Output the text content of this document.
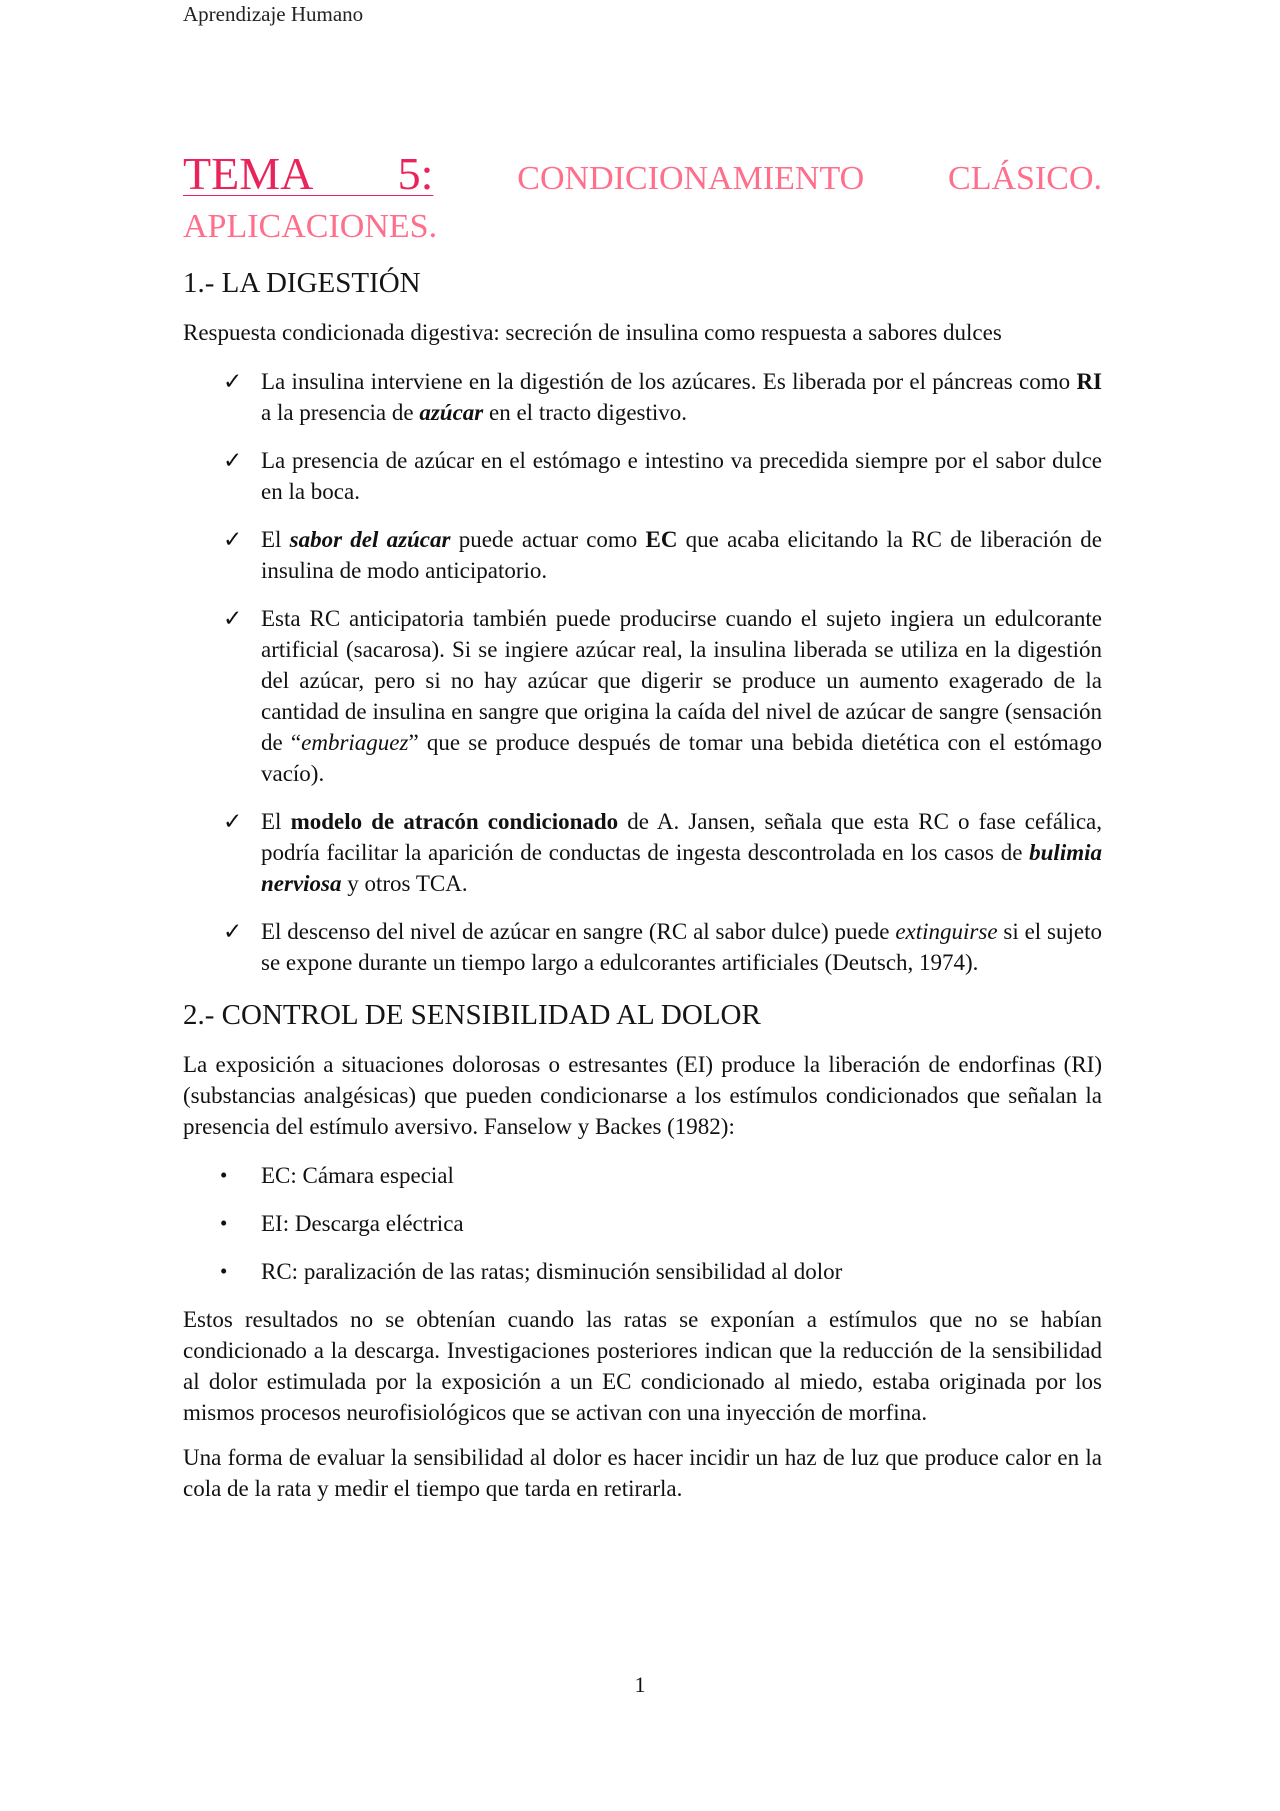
Aprendizaje Humano
TEMA 5: CONDICIONAMIENTO CLÁSICO. APLICACIONES.
1.- LA DIGESTIÓN

Respuesta condicionada digestiva: secreción de insulina como respuesta a sabores dulces

✓ La insulina interviene en la digestión de los azúcares. Es liberada por el páncreas como RI a la presencia de azúcar en el tracto digestivo.
✓ La presencia de azúcar en el estómago e intestino va precedida siempre por el sabor dulce en la boca.
✓ El sabor del azúcar puede actuar como EC que acaba elicitando la RC de liberación de insulina de modo anticipatorio.
✓ Esta RC anticipatoria también puede producirse cuando el sujeto ingiera un edulcorante artificial (sacarosa). Si se ingiere azúcar real, la insulina liberada se utiliza en la digestión del azúcar, pero si no hay azúcar que digerir se produce un aumento exagerado de la cantidad de insulina en sangre que origina la caída del nivel de azúcar de sangre (sensación de “embriaguez” que se produce después de tomar una bebida dietética con el estómago vacío).
✓ El modelo de atracón condicionado de A. Jansen, señala que esta RC o fase cefálica, podría facilitar la aparición de conductas de ingesta descontrolada en los casos de bulimia nerviosa y otros TCA.
✓ El descenso del nivel de azúcar en sangre (RC al sabor dulce) puede extinguirse si el sujeto se expone durante un tiempo largo a edulcorantes artificiales (Deutsch, 1974).
2.- CONTROL DE SENSIBILIDAD AL DOLOR

La exposición a situaciones dolorosas o estresantes (EI) produce la liberación de endorfinas (RI) (substancias analgésicas) que pueden condicionarse a los estímulos condicionados que señalan la presencia del estímulo aversivo. Fanselow y Backes (1982):

•	EC: Cámara especial
•	EI: Descarga eléctrica
•	RC: paralización de las ratas; disminución sensibilidad al dolor

Estos resultados no se obtenían cuando las ratas se exponían a estímulos que no se habían condicionado a la descarga. Investigaciones posteriores indican que la reducción de la sensibilidad al dolor estimulada por la exposición a un EC condicionado al miedo, estaba originada por los mismos procesos neurofisiológicos que se activan con una inyección de morfina.

Una forma de evaluar la sensibilidad al dolor es hacer incidir un haz de luz que produce calor en la cola de la rata y medir el tiempo que tarda en retirarla.

1
